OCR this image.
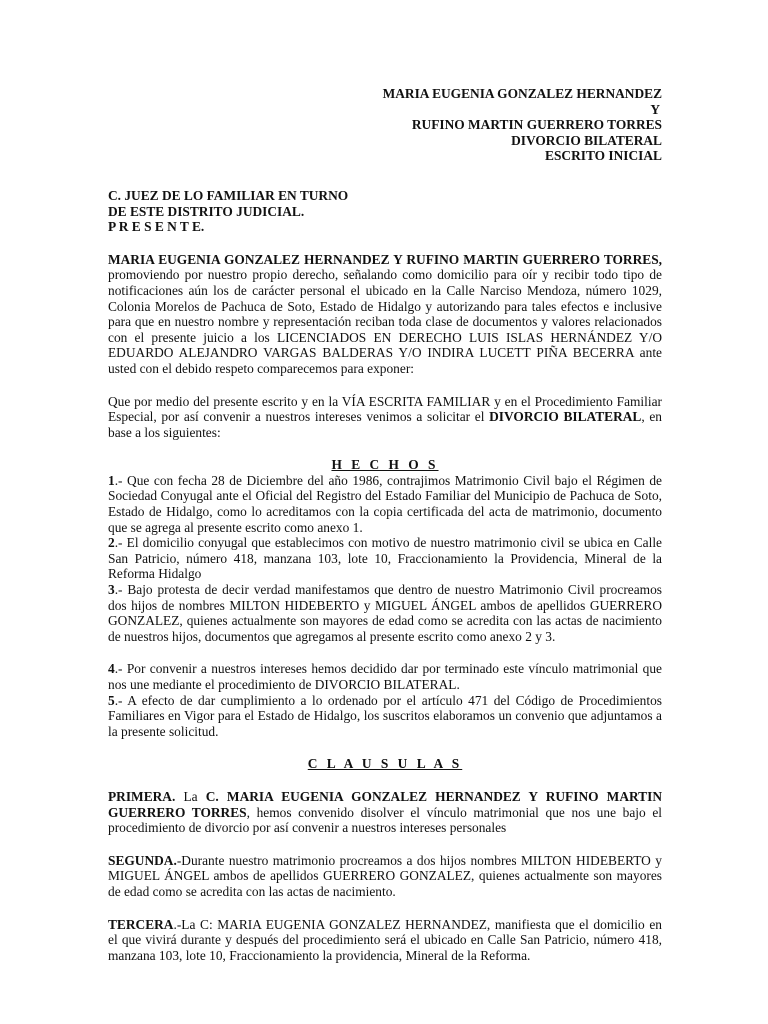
MARIA EUGENIA GONZALEZ HERNANDEZ

Y

RUFINO MARTIN GUERRERO TORRES

DIVORCIO BILATERAL

ESCRITO INICIAL

C. JUEZ DE LO FAMILIAR EN TURNO

DE ESTE DISTRITO JUDICIAL.

P R E S E N T E.

MARIA EUGENIA GONZALEZ HERNANDEZ Y RUFINO MARTIN GUERRERO TORRES, promoviendo por nuestro propio derecho, señalando como domicilio para oír y recibir todo tipo de notificaciones aún los de carácter personal el ubicado en la Calle Narciso Mendoza, número 1029, Colonia Morelos de Pachuca de Soto, Estado de Hidalgo y autorizando para tales efectos e inclusive para que en nuestro nombre y representación reciban toda clase de documentos y valores relacionados con el presente juicio a los LICENCIADOS EN DERECHO LUIS ISLAS HERNÁNDEZ Y/O EDUARDO ALEJANDRO VARGAS BALDERAS Y/O INDIRA LUCETT PIÑA BECERRA ante usted con el debido respeto comparecemos para exponer:

Que por medio del presente escrito y en la VÍA ESCRITA FAMILIAR y en el Procedimiento Familiar Especial, por así convenir a nuestros intereses venimos a solicitar el DIVORCIO BILATERAL, en base a los siguientes:

H E C H O S

1.- Que con fecha 28 de Diciembre del año 1986, contrajimos Matrimonio Civil bajo el Régimen de Sociedad Conyugal ante el Oficial del Registro del Estado Familiar del Municipio de Pachuca de Soto, Estado de Hidalgo, como lo acreditamos con la copia certificada del acta de matrimonio, documento que se agrega al presente escrito como anexo 1.

2.- El domicilio conyugal que establecimos con motivo de nuestro matrimonio civil se ubica en Calle San Patricio, número 418, manzana 103, lote 10, Fraccionamiento la Providencia, Mineral de la Reforma Hidalgo

3.- Bajo protesta de decir verdad manifestamos que dentro de nuestro Matrimonio Civil procreamos dos hijos de nombres MILTON HIDEBERTO y MIGUEL ÁNGEL ambos de apellidos GUERRERO GONZALEZ, quienes actualmente son mayores de edad como se acredita con las actas de nacimiento de nuestros hijos, documentos que agregamos al presente escrito como anexo 2 y 3.

4.- Por convenir a nuestros intereses hemos decidido dar por terminado este vínculo matrimonial que nos une mediante el procedimiento de DIVORCIO BILATERAL.

5.- A efecto de dar cumplimiento a lo ordenado por el artículo 471 del Código de Procedimientos Familiares en Vigor para el Estado de Hidalgo, los suscritos elaboramos un convenio que adjuntamos a la presente solicitud.

C L A U S U L A S

PRIMERA. La C. MARIA EUGENIA GONZALEZ HERNANDEZ Y RUFINO MARTIN GUERRERO TORRES, hemos convenido disolver el vínculo matrimonial que nos une bajo el procedimiento de divorcio por así convenir a nuestros intereses personales

SEGUNDA.-Durante nuestro matrimonio procreamos a dos hijos nombres MILTON HIDEBERTO y MIGUEL ÁNGEL ambos de apellidos GUERRERO GONZALEZ, quienes actualmente son mayores de edad como se acredita con las actas de nacimiento.

TERCERA.-La C: MARIA EUGENIA GONZALEZ HERNANDEZ, manifiesta que el domicilio en el que vivirá durante y después del procedimiento será el ubicado en Calle San Patricio, número 418, manzana 103, lote 10, Fraccionamiento la providencia, Mineral de la Reforma.
